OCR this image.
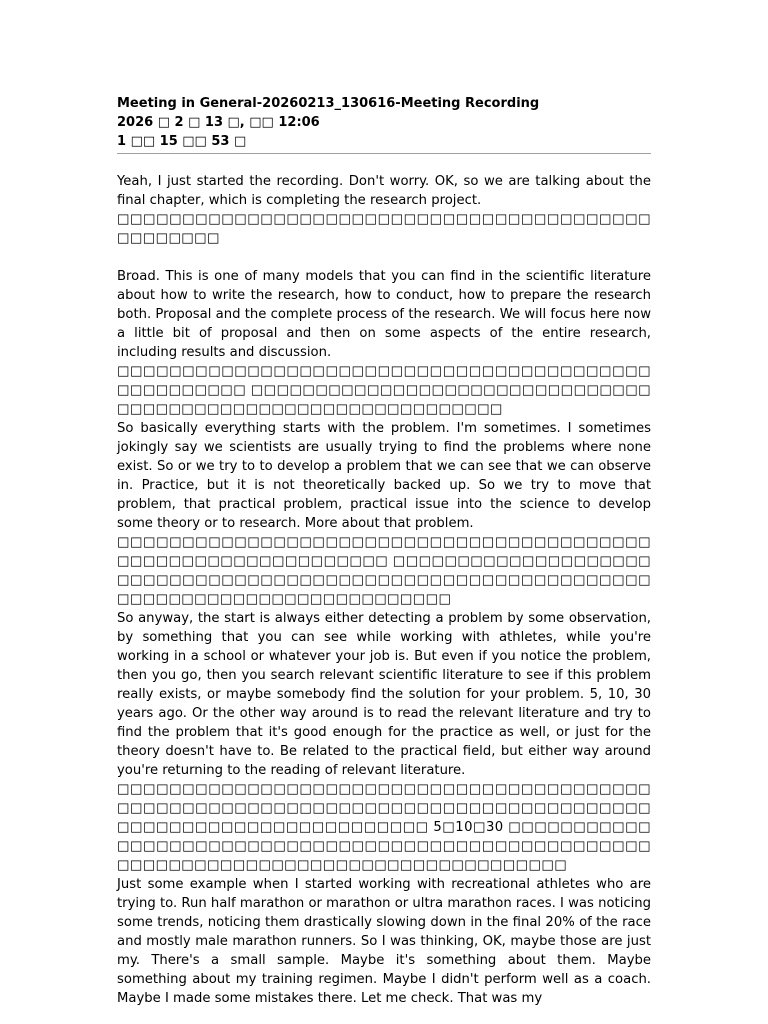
Meeting in General-20260213_130616-Meeting Recording
2026 □ 2 □ 13 □, □□ 12:06
1 □□ 15 □□ 53 □

Yeah, I just started the recording. Don't worry. OK, so we are talking about the final chapter, which is completing the research project.

□□□□□□□□□□□□□□□□□□□□□□□□□□□□□□□□□□□□□□□□□□□□□□□□□

Broad. This is one of many models that you can find in the scientific literature about how to write the research, how to conduct, how to prepare the research both. Proposal and the complete process of the research. We will focus here now a little bit of proposal and then on some aspects of the entire research, including results and discussion.

□□□□□□□□□□□□□□□□□□□□□□□□□□□□□□□□□□□□□□□□□□□□□□□□□□□ □□□□□□□□□□□□□□□□□□□□□□□□□□□□□□□□□□□□□□□□□□□□□□□□□□□□□□□□□□□□□

So basically everything starts with the problem. I'm sometimes. I sometimes jokingly say we scientists are usually trying to find the problems where none exist. So or we try to to develop a problem that we can see that we can observe in. Practice, but it is not theoretically backed up. So we try to move that problem, that practical problem, practical issue into the science to develop some theory or to research. More about that problem.

□□□□□□□□□□□□□□□□□□□□□□□□□□□□□□□□□□□□□□□□□□□□□□□□□□□□□□□□□□□□□□ □□□□□□□□□□□□□□□□□□□□□□□□□□□□□□□□□□□□□□□□□□□□□□□□□□□□□□□□□□□□□□□□□□□□□□□□□□□□□□□□□□□□□□□

So anyway, the start is always either detecting a problem by some observation, by something that you can see while working with athletes, while you're working in a school or whatever your job is. But even if you notice the problem, then you go, then you search relevant scientific literature to see if this problem really exists, or maybe somebody find the solution for your problem. 5, 10, 30 years ago. Or the other way around is to read the relevant literature and try to find the problem that it's good enough for the practice as well, or just for the theory doesn't have to. Be related to the practical field, but either way around you're returning to the reading of relevant literature.

□□□□□□□□□□□□□□□□□□□□□□□□□□□□□□□□□□□□□□□□□□□□□□□□□□□□□□□□□□□□□□□□□□□□□□□□□□□□□□□□□□□□□□□□□□□□□□□□□□□□□□□□□□ 5□10□30 □□□□□□□□□□□□□□□□□□□□□□□□□□□□□□□□□□□□□□□□□□□□□□□□□□□□□□□□□□□□□□□□□□□□□□□□□□□□□□□□□□□□□□□

Just some example when I started working with recreational athletes who are trying to. Run half marathon or marathon or ultra marathon races. I was noticing some trends, noticing them drastically slowing down in the final 20% of the race and mostly male marathon runners. So I was thinking, OK, maybe those are just my. There's a small sample. Maybe it's something about them. Maybe something about my training regimen. Maybe I didn't perform well as a coach. Maybe I made some mistakes there. Let me check. That was my
